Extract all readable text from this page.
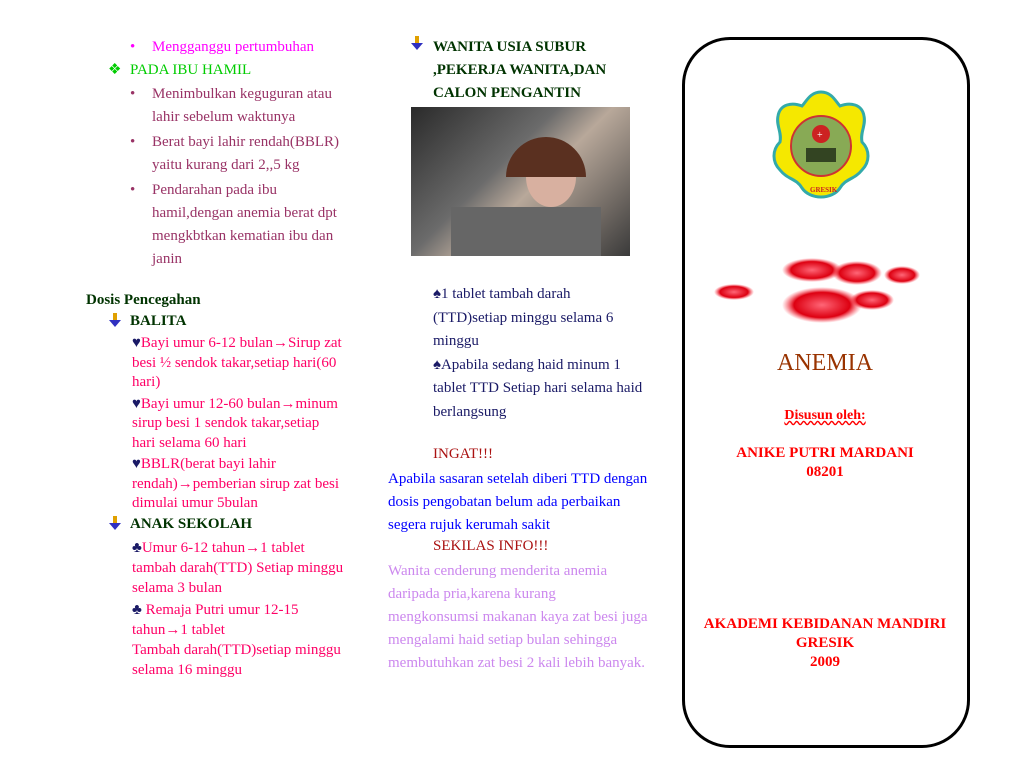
• Mengganggu pertumbuhan
❖ PADA IBU HAMIL
• Menimbulkan keguguran atau
lahir sebelum waktunya
• Berat bayi lahir rendah(BBLR)
yaitu kurang dari 2,,5 kg
• Pendarahan pada ibu
hamil,dengan anemia berat dpt
mengkbtkan kematian ibu dan
janin
Dosis Pencegahan
BALITA
♥Bayi umur 6-12 bulan→Sirup zat
besi ½ sendok takar,setiap hari(60
hari)
♥Bayi umur 12-60 bulan→minum
sirup besi 1 sendok takar,setiap
hari selama 60 hari
♥BBLR(berat bayi lahir
rendah)→pemberian sirup zat besi
dimulai umur 5bulan
ANAK SEKOLAH
♣Umur 6-12 tahun→1 tablet
tambah darah(TTD) Setiap minggu
selama 3 bulan
♣ Remaja Putri umur 12-15
tahun→1 tablet
Tambah darah(TTD)setiap minggu
selama 16 minggu
WANITA USIA SUBUR
,PEKERJA WANITA,DAN
CALON PENGANTIN
♠1 tablet tambah darah
(TTD)setiap minggu selama 6
minggu
♠Apabila sedang haid minum 1
tablet TTD Setiap hari selama haid
berlangsung
INGAT!!!
Apabila sasaran setelah diberi TTD dengan
dosis pengobatan belum ada perbaikan
segera rujuk kerumah sakit
SEKILAS INFO!!!
Wanita cenderung menderita anemia
daripada pria,karena kurang
mengkonsumsi makanan kaya zat besi juga
mengalami haid setiap bulan sehingga
membutuhkan zat besi 2 kali lebih banyak.
+
GRESIK
ANEMIA
Disusun oleh:
ANIKE PUTRI MARDANI
08201
AKADEMI KEBIDANAN MANDIRI
GRESIK
2009
